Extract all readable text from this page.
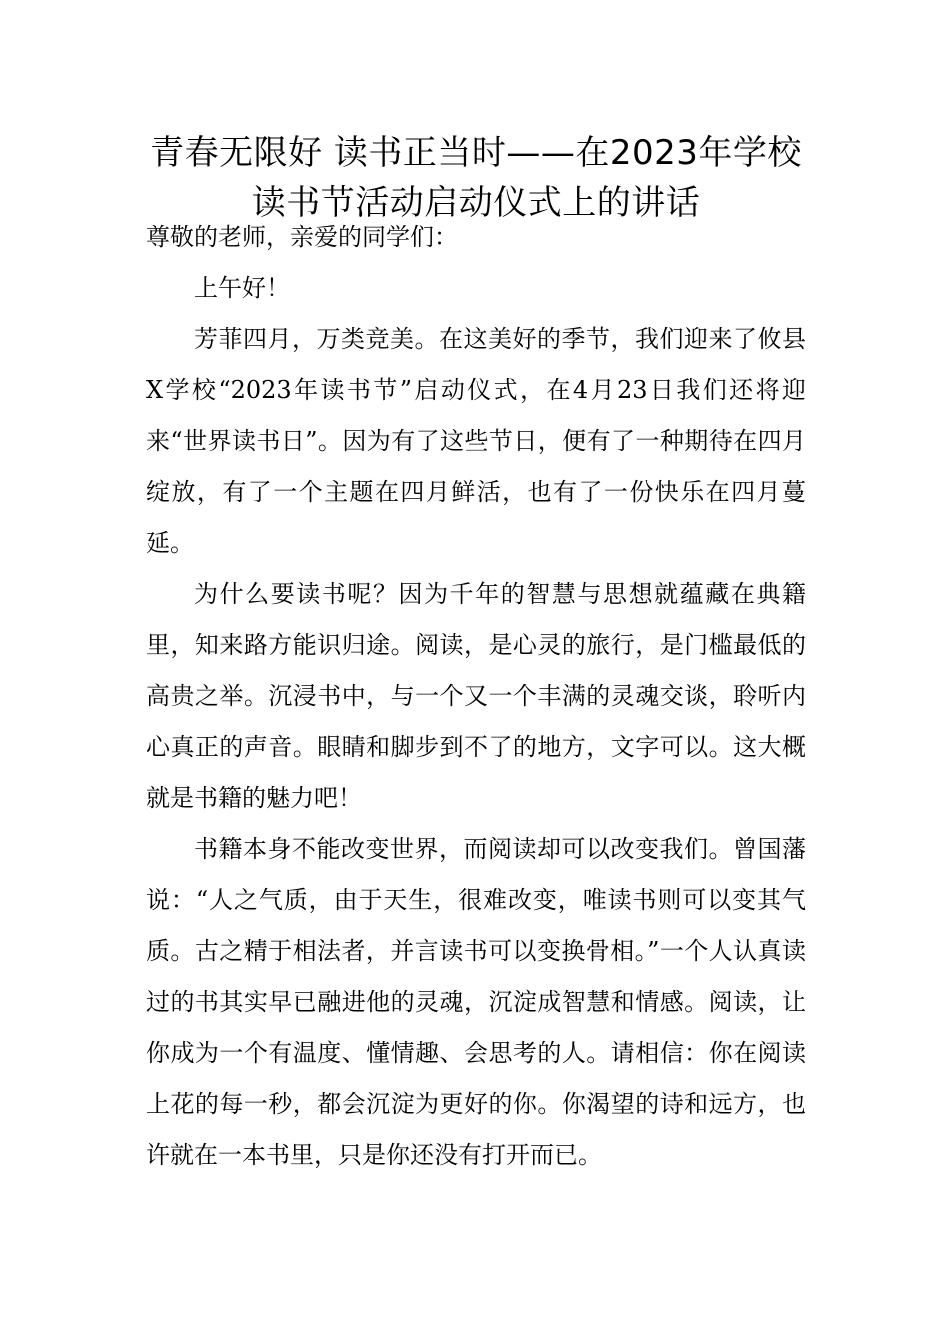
青春无限好 读书正当时——在2023年学校读书节活动启动仪式上的讲话

尊敬的老师，亲爱的同学们：

上午好！

芳菲四月，万类竞美。在这美好的季节，我们迎来了攸县X学校“2023年读书节”启动仪式，在4月23日我们还将迎来“世界读书日”。因为有了这些节日，便有了一种期待在四月绽放，有了一个主题在四月鲜活，也有了一份快乐在四月蔓延。

为什么要读书呢？因为千年的智慧与思想就蕴藏在典籍里，知来路方能识归途。阅读，是心灵的旅行，是门槛最低的高贵之举。沉浸书中，与一个又一个丰满的灵魂交谈，聆听内心真正的声音。眼睛和脚步到不了的地方，文字可以。这大概就是书籍的魅力吧！

书籍本身不能改变世界，而阅读却可以改变我们。曾国藩说：“人之气质，由于天生，很难改变，唯读书则可以变其气质。古之精于相法者，并言读书可以变换骨相。”一个人认真读过的书其实早已融进他的灵魂，沉淀成智慧和情感。阅读，让你成为一个有温度、懂情趣、会思考的人。请相信：你在阅读上花的每一秒，都会沉淀为更好的你。你渴望的诗和远方，也许就在一本书里，只是你还没有打开而已。
